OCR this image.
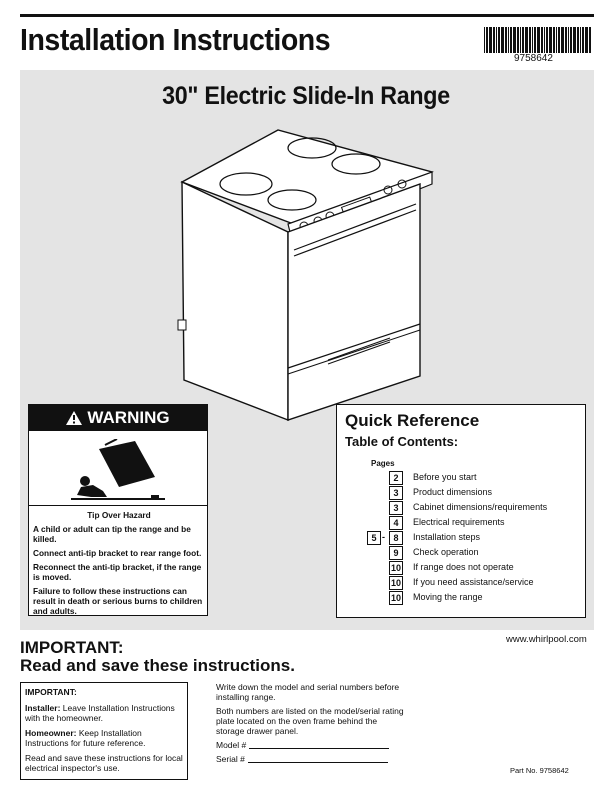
Installation Instructions
9758642
30" Electric Slide-In Range
WARNING
Tip Over Hazard

A child or adult can tip the range and be killed.

Connect anti-tip bracket to rear range foot.

Reconnect the anti-tip bracket, if the range is moved.

Failure to follow these instructions can result in death or serious burns to children and adults.

Quick Reference
Table of Contents:
Pages
2	Before you start
3	Product dimensions
3	Cabinet dimensions/requirements
4	Electrical requirements
5 - 8	Installation steps
9	Check operation
10 If range does not operate
10 If you need assistance/service
10 Moving the range
www.whirlpool.com
IMPORTANT:
Read and save these instructions.

IMPORTANT:

Installer: Leave Installation Instructions with the homeowner.

Homeowner: Keep Installation Instructions for future reference.

Read and save these instructions for local electrical inspector's use.

Write down the model and serial numbers before installing range.

Both numbers are listed on the model/serial rating plate located on the oven frame behind the storage drawer panel.

Model #

Serial #

Part No. 9758642
